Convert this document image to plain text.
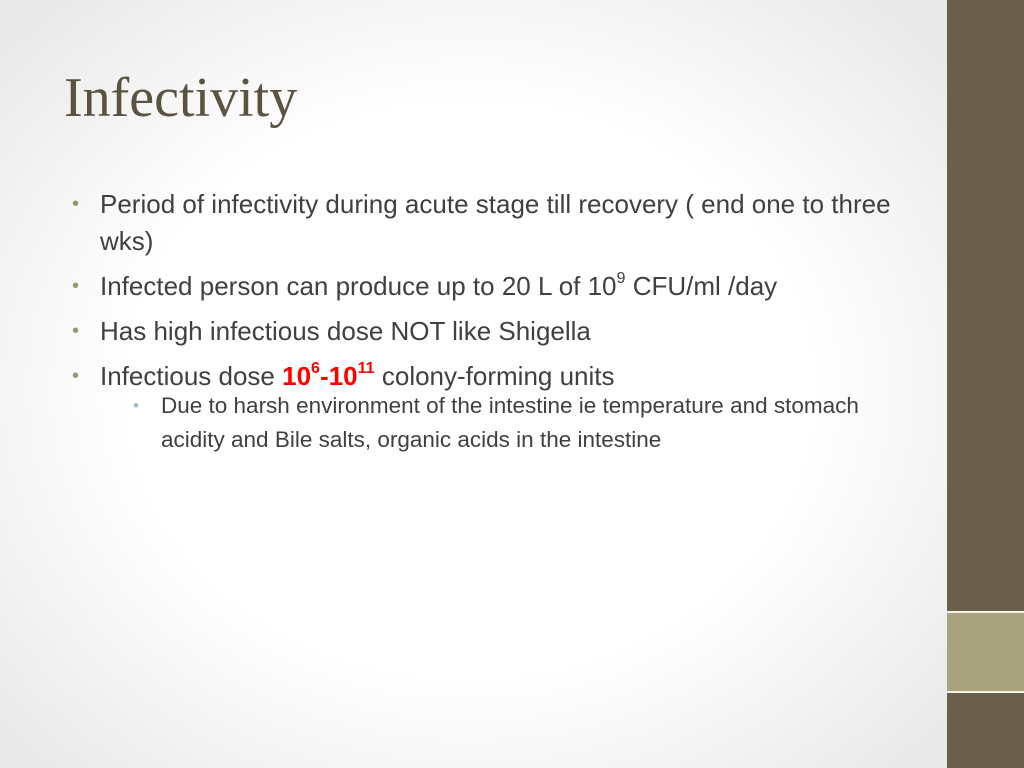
Infectivity
• Period of infectivity during acute stage till recovery ( end one to three wks)
• Infected person can produce up to 20 L of $10^9$ CFU/ml /day
• Has high infectious dose NOT like Shigella
• Infectious dose $10^6-10^{11}$ colony-forming units
• Due to harsh environment of the intestine ie temperature and stomach acidity and Bile salts, organic acids in the intestine
